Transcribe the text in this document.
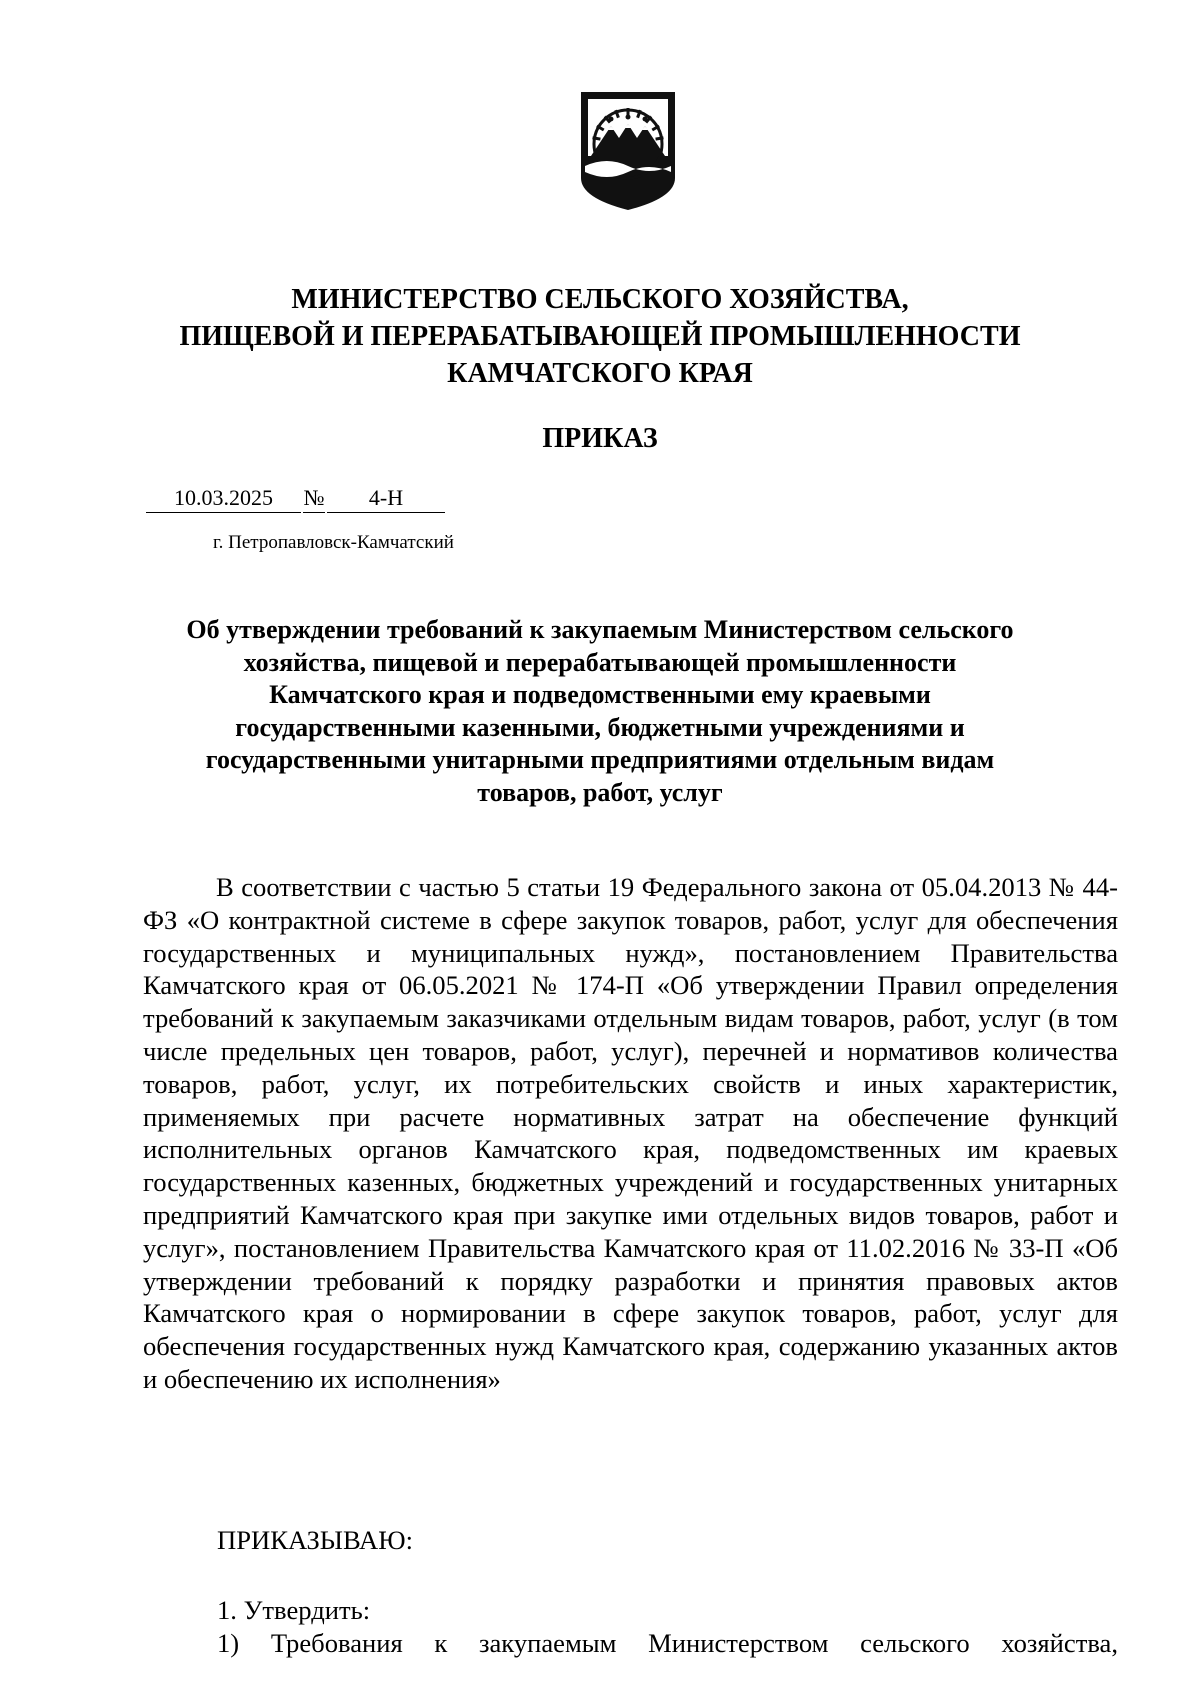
МИНИСТЕРСТВО СЕЛЬСКОГО ХОЗЯЙСТВА,
ПИЩЕВОЙ И ПЕРЕРАБАТЫВАЮЩЕЙ ПРОМЫШЛЕННОСТИ
КАМЧАТСКОГО КРАЯ
ПРИКАЗ
10.03.2025 № 4-Н
г. Петропавловск-Камчатский
Об утверждении требований к закупаемым Министерством сельского
хозяйства, пищевой и перерабатывающей промышленности
Камчатского края и подведомственными ему краевыми
государственными казенными, бюджетными учреждениями и
государственными унитарными предприятиями отдельным видам
товаров, работ, услуг
В соответствии с частью 5 статьи 19 Федерального закона от 05.04.2013 № 44-ФЗ «О контрактной системе в сфере закупок товаров, работ, услуг для обеспечения государственных и муниципальных нужд», постановлением Правительства Камчатского края от 06.05.2021 № 174-П «Об утверждении Правил определения требований к закупаемым заказчиками отдельным видам товаров, работ, услуг (в том числе предельных цен товаров, работ, услуг), перечней и нормативов количества товаров, работ, услуг, их потребительских свойств и иных характеристик, применяемых при расчете нормативных затрат на обеспечение функций исполнительных органов Камчатского края, подведомственных им краевых государственных казенных, бюджетных учреждений и государственных унитарных предприятий Камчатского края при закупке ими отдельных видов товаров, работ и услуг», постановлением Правительства Камчатского края от 11.02.2016 № 33-П «Об утверждении требований к порядку разработки и принятия правовых актов Камчатского края о нормировании в сфере закупок товаров, работ, услуг для обеспечения государственных нужд Камчатского края, содержанию указанных актов и обеспечению их исполнения»
ПРИКАЗЫВАЮ:
1. Утвердить:
1) Требования к закупаемым Министерством сельского хозяйства,
